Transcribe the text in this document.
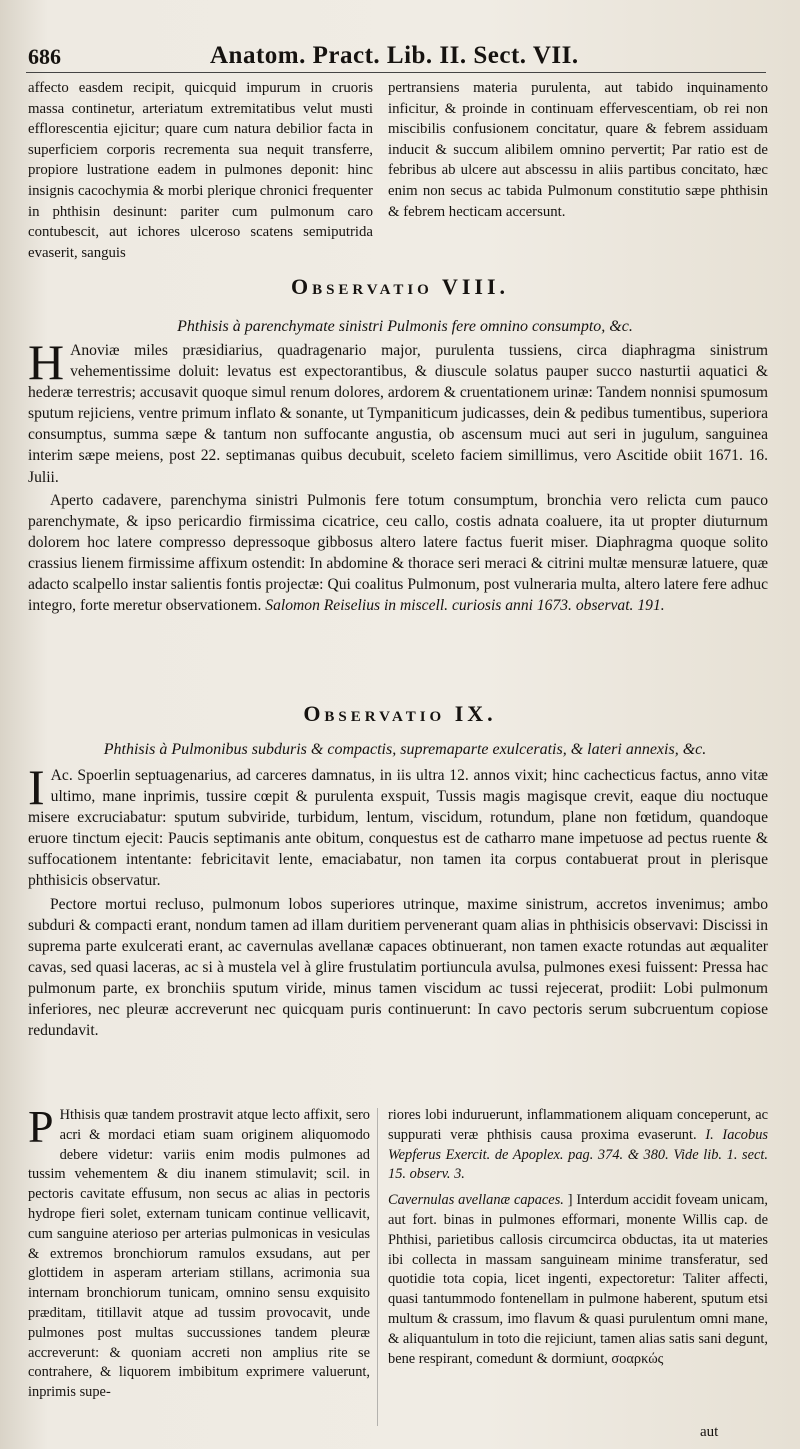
686	Anatom. Pract. Lib. II. Sect. VII.

affecto easdem recipit, quicquid impurum in cruoris massa continetur, arteriatum extremitatibus velut musti efflorescentia ejicitur; quare cum natura debilior facta in superficiem corporis recrementa sua nequit transferre, propiore lustratione eadem in pulmones deponit: hinc insignis cacochymia & morbi plerique chronici frequenter in phthisin desinunt: pariter cum pulmonum caro contubescit, aut ichores ulceroso scatens semiputrida evaserit, sanguis

pertransiens materia purulenta, aut tabido inquinamento inficitur, & proinde in continuam effervescentiam, ob rei non miscibilis confusionem concitatur, quare & febrem assiduam inducit & succum alibilem omnino pervertit; Par ratio est de febribus ab ulcere aut abscessu in aliis partibus concitato, hæc enim non secus ac tabida Pulmonum constitutio sæpe phthisin & febrem hecticam accersunt.

Observatio VIII.
Phthisis à parenchymate sinistri Pulmonis fere omnino consumpto, &c.

H Anoviæ miles præsidiarius, quadragenario major, purulenta tussiens, circa diaphragma sinistrum vehementissime doluit: levatus est expectorantibus, & diuscule solatus pauper succo nasturtii aquatici & hederæ terrestris; accusavit quoque simul renum dolores, ardorem & cruentationem urinæ: Tandem nonnisi spumosum sputum rejiciens, ventre primum inflato & sonante, ut Tympaniticum judicasses, dein & pedibus tumentibus, superiora consumptus, summa sæpe & tantum non suffocante angustia, ob ascensum muci aut seri in jugulum, sanguinea interim sæpe meiens, post 22. septimanas quibus decubuit, sceleto faciem simillimus, vero Ascitide obiit 1671. 16. Julii.

Aperto cadavere, parenchyma sinistri Pulmonis fere totum consumptum, bronchia vero relicta cum pauco parenchymate, & ipso pericardio firmissima cicatrice, ceu callo, costis adnata coaluere, ita ut propter diuturnum dolorem hoc latere compresso depressoque gibbosus altero latere factus fuerit miser. Diaphragma quoque solito crassius lienem firmissime affixum ostendit: In abdomine & thorace seri meraci & citrini multæ mensuræ latuere, quæ adacto scalpello instar salientis fontis projectæ: Qui coalitus Pulmonum, post vulneraria multa, altero latere fere adhuc integro, forte meretur observationem. Salomon Reiselius in miscell. curiosis anni 1673. observat. 191.

Observatio IX.
Phthisis à Pulmonibus subduris & compactis, supremaparte exulceratis, & lateri annexis, &c.

I Ac. Spoerlin septuagenarius, ad carceres damnatus, in iis ultra 12. annos vixit; hinc cachecticus factus, anno vitæ ultimo, mane inprimis, tussire cœpit & purulenta exspuit, Tussis magis magisque crevit, eaque diu noctuque misere excruciabatur: sputum subviride, turbidum, lentum, viscidum, rotundum, plane non fœtidum, quandoque eruore tinctum ejecit: Paucis septimanis ante obitum, conquestus est de catharro mane impetuose ad pectus ruente & suffocationem intentante: febricitavit lente, emaciabatur, non tamen ita corpus contabuerat prout in plerisque phthisicis observatur.

Pectore mortui recluso, pulmonum lobos superiores utrinque, maxime sinistrum, accretos invenimus; ambo subduri & compacti erant, nondum tamen ad illam duritiem pervenerant quam alias in phthisicis observavi: Discissi in suprema parte exulcerati erant, ac cavernulas avellanæ capaces obtinuerant, non tamen exacte rotundas aut æqualiter cavas, sed quasi laceras, ac si à mustela vel à glire frustulatim portiuncula avulsa, pulmones exesi fuissent: Pressa hac pulmonum parte, ex bronchiis sputum viride, minus tamen viscidum ac tussi rejecerat, prodiit: Lobi pulmonum inferiores, nec pleuræ accreverunt nec quicquam puris continuerunt: In cavo pectoris serum subcruentum copiose redundavit.

P Hthisis quæ tandem prostravit atque lecto affixit, sero acri & mordaci etiam suam originem aliquomodo debere videtur: variis enim modis pulmones ad tussim vehementem & diu inanem stimulavit; scil. in pectoris cavitate effusum, non secus ac alias in pectoris hydrope fieri solet, externam tunicam continue vellicavit, cum sanguine aterioso per arterias pulmonicas in vesiculas & extremos bronchiorum ramulos exsudans, aut per glottidem in asperam arteriam stillans, acrimonia sua internam bronchiorum tunicam, omnino sensu exquisito præditam, titillavit atque ad tussim provocavit, unde pulmones post multas succussiones tandem pleuræ accreverunt: & quoniam accreti non amplius rite se contrahere, & liquorem imbibitum exprimere valuerunt, inprimis supe-

riores lobi induruerunt, inflammationem aliquam conceperunt, ac suppurati veræ phthisis causa proxima evaserunt. I. Iacobus Wepferus Exercit. de Apoplex. pag. 374. & 380. Vide lib. 1. sect. 15. observ. 3.

Cavernulas avellanæ capaces. ] Interdum accidit foveam unicam, aut fort. binas in pulmones efformari, monente Willis cap. de Phthisi, parietibus callosis circumcirca obductas, ita ut materies ibi collecta in massam sanguineam minime transferatur, sed quotidie tota copia, licet ingenti, expectoretur: Taliter affecti, quasi tantummodo fontenellam in pulmone haberent, sputum etsi multum & crassum, imo flavum & quasi purulentum omni mane, & aliquantulum in toto die rejiciunt, tamen alias satis sani degunt, bene respirant, comedunt & dormiunt, σοαρκώς

aut
